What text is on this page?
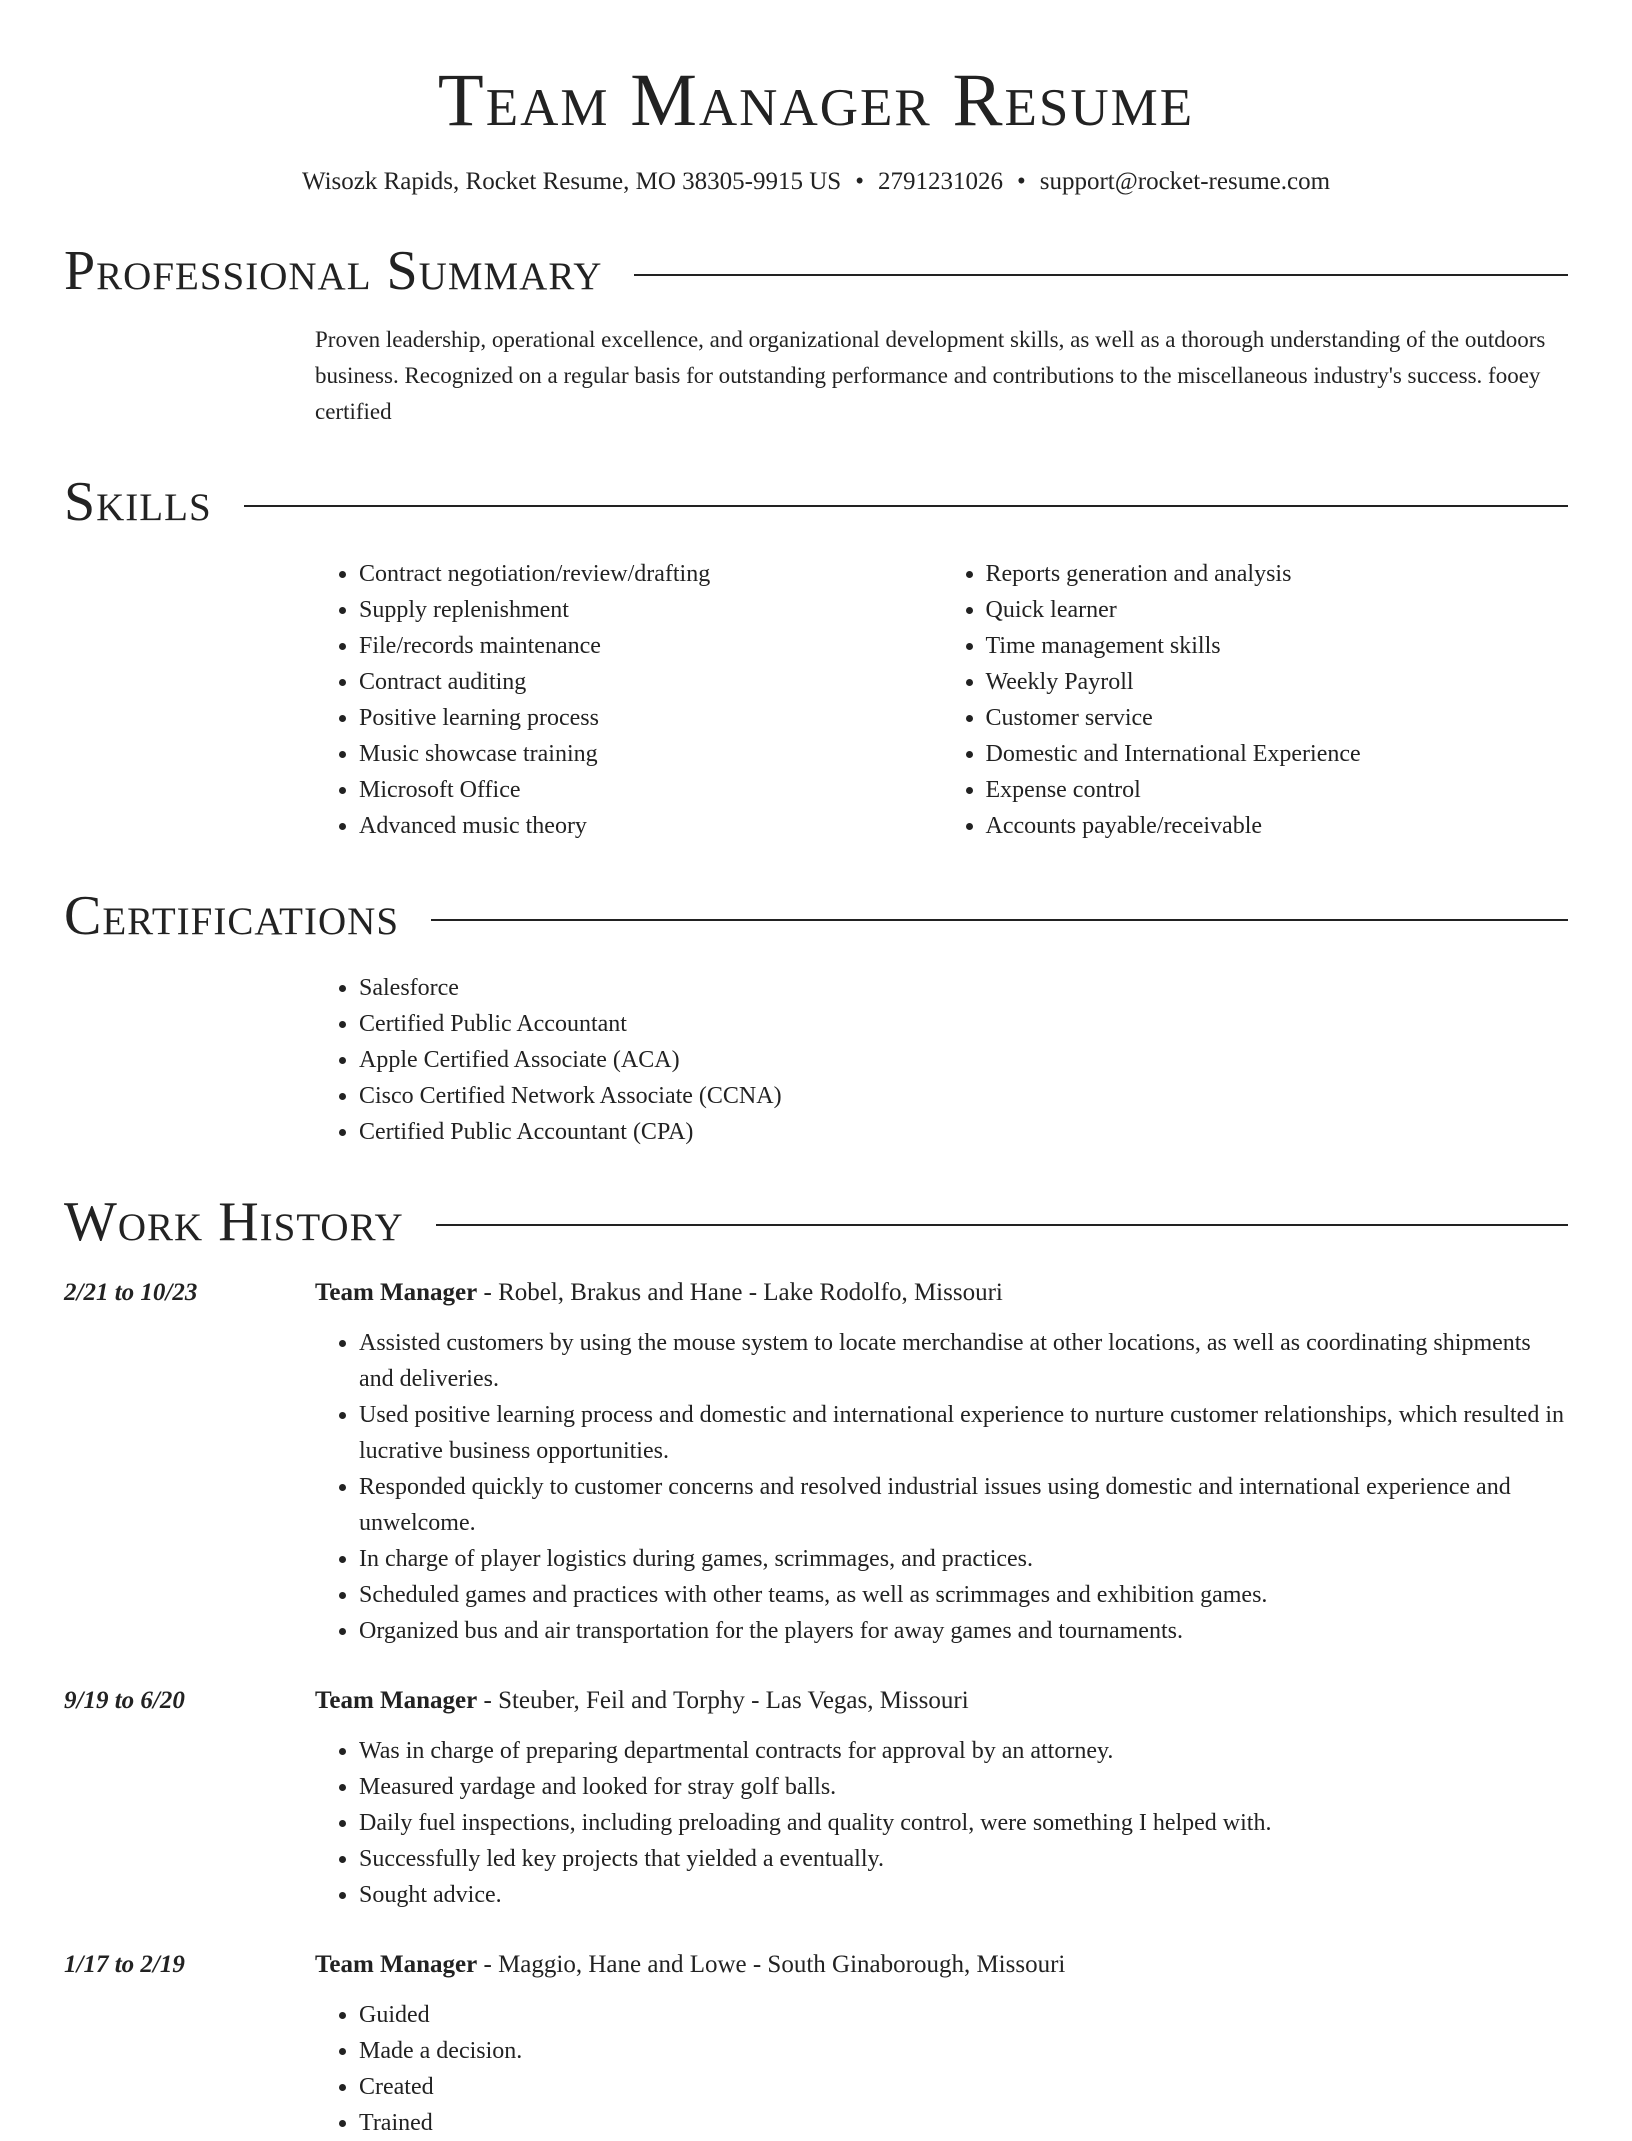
Team Manager Resume
Wisozk Rapids, Rocket Resume, MO 38305-9915 US • 2791231026 • support@rocket-resume.com
Professional Summary
Proven leadership, operational excellence, and organizational development skills, as well as a thorough understanding of the outdoors business. Recognized on a regular basis for outstanding performance and contributions to the miscellaneous industry's success. fooey certified
Skills
• Contract negotiation/review/drafting
• Supply replenishment
• File/records maintenance
• Contract auditing
• Positive learning process
• Music showcase training
• Microsoft Office
• Advanced music theory
• Reports generation and analysis
• Quick learner
• Time management skills
• Weekly Payroll
• Customer service
• Domestic and International Experience
• Expense control
• Accounts payable/receivable
Certifications
• Salesforce
• Certified Public Accountant
• Apple Certified Associate (ACA)
• Cisco Certified Network Associate (CCNA)
• Certified Public Accountant (CPA)
Work History
2/21 to 10/23	Team Manager - Robel, Brakus and Hane - Lake Rodolfo, Missouri
• Assisted customers by using the mouse system to locate merchandise at other locations, as well as coordinating shipments and deliveries.
• Used positive learning process and domestic and international experience to nurture customer relationships, which resulted in lucrative business opportunities.
• Responded quickly to customer concerns and resolved industrial issues using domestic and international experience and unwelcome.
• In charge of player logistics during games, scrimmages, and practices.
• Scheduled games and practices with other teams, as well as scrimmages and exhibition games.
• Organized bus and air transportation for the players for away games and tournaments.
9/19 to 6/20	Team Manager - Steuber, Feil and Torphy - Las Vegas, Missouri
• Was in charge of preparing departmental contracts for approval by an attorney.
• Measured yardage and looked for stray golf balls.
• Daily fuel inspections, including preloading and quality control, were something I helped with.
• Successfully led key projects that yielded a eventually.
• Sought advice.
1/17 to 2/19	Team Manager - Maggio, Hane and Lowe - South Ginaborough, Missouri
• Guided
• Made a decision.
• Created
• Trained
